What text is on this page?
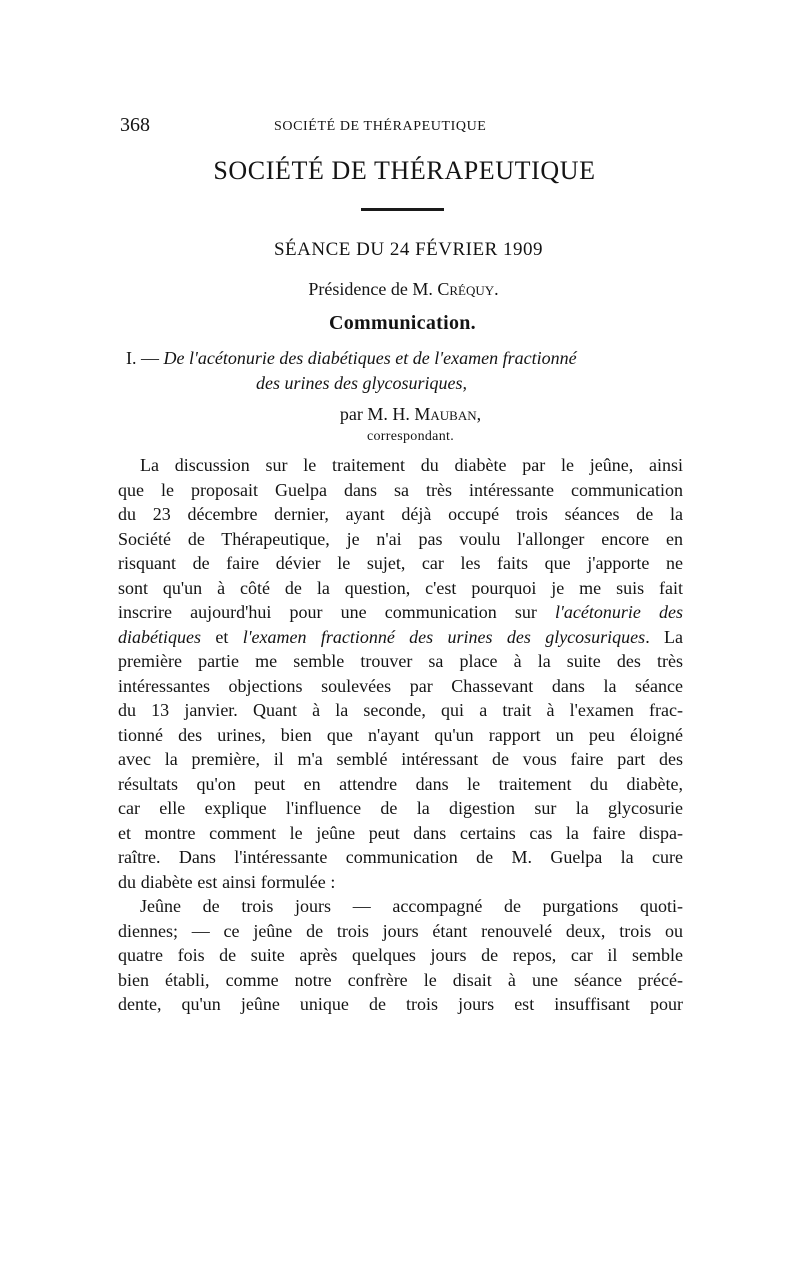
368	SOCIÉTÉ DE THÉRAPEUTIQUE
SOCIÉTÉ DE THÉRAPEUTIQUE
SÉANCE DU 24 FÉVRIER 1909
Présidence de M. Créquy.
Communication.
I. — De l'acétonurie des diabétiques et de l'examen fractionné
des urines des glycosuriques,
par M. H. Mauban,
correspondant.
La discussion sur le traitement du diabète par le jeûne, ainsi
que le proposait Guelpa dans sa très intéressante communication
du 23 décembre dernier, ayant déjà occupé trois séances de la
Société de Thérapeutique, je n'ai pas voulu l'allonger encore en
risquant de faire dévier le sujet, car les faits que j'apporte ne
sont qu'un à côté de la question, c'est pourquoi je me suis fait
inscrire aujourd'hui pour une communication sur l'acétonurie des
diabétiques et l'examen fractionné des urines des glycosuriques. La
première partie me semble trouver sa place à la suite des très
intéressantes objections soulevées par Chassevant dans la séance
du 13 janvier. Quant à la seconde, qui a trait à l'examen frac-
tionné des urines, bien que n'ayant qu'un rapport un peu éloigné
avec la première, il m'a semblé intéressant de vous faire part des
résultats qu'on peut en attendre dans le traitement du diabète,
car elle explique l'influence de la digestion sur la glycosurie
et montre comment le jeûne peut dans certains cas la faire dispa-
raître. Dans l'intéressante communication de M. Guelpa la cure
du diabète est ainsi formulée :
Jeûne de trois jours — accompagné de purgations quoti-
diennes; — ce jeûne de trois jours étant renouvelé deux, trois ou
quatre fois de suite après quelques jours de repos, car il semble
bien établi, comme notre confrère le disait à une séance précé-
dente, qu'un jeûne unique de trois jours est insuffisant pour
